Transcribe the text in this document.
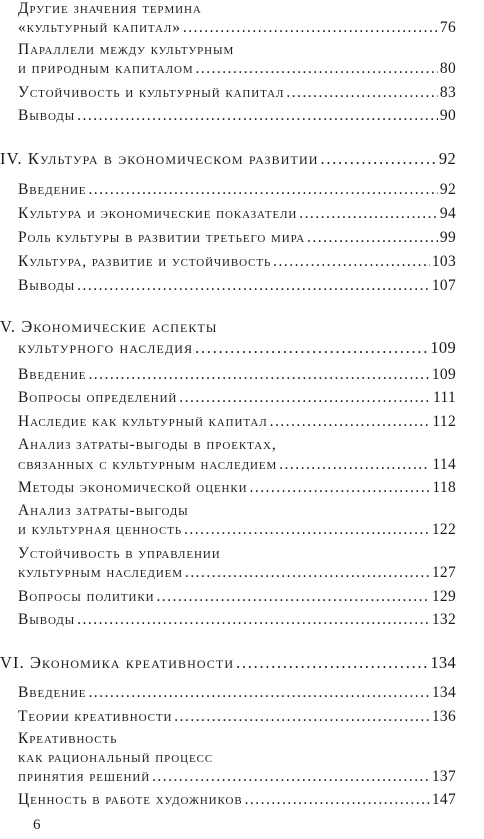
Другие значения термина
«культурный капитал» . . .	76
Параллели между культурным
и природным капиталом . . .	80
Устойчивость и культурный капитал . . .	83
Выводы . . .	90
IV. Культура в экономическом развитии . . .	92
Введение . . .	92
Культура и экономические показатели . . .	94
Роль культуры в развитии третьего мира . . .	99
Культура, развитие и устойчивость . . .	103
Выводы . . .	107
V. Экономические аспекты
культурного наследия . . .	109
Введение . . .	109
Вопросы определений . . .	111
Наследие как культурный капитал . . .	112
Анализ затраты-выгоды в проектах,
связанных с культурным наследием . . .	114
Методы экономической оценки . . .	118
Анализ затраты-выгоды
и культурная ценность . . .	122
Устойчивость в управлении
культурным наследием . . .	127
Вопросы политики . . .	129
Выводы . . .	132
VI. Экономика креативности . . .	134
Введение . . .	134
Теории креативности . . .	136
Креативность
как рациональный процесс
принятия решений . . .	137
Ценность в работе художников . . .	147
6
